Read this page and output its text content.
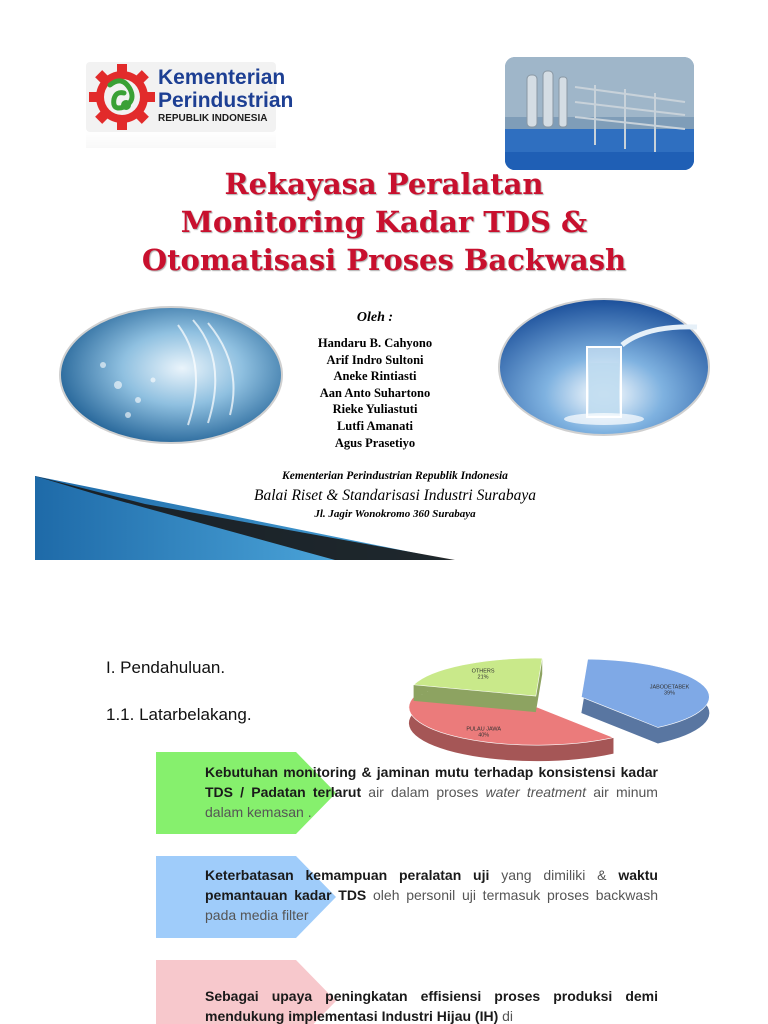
Kementerian
Perindustrian
REPUBLIK INDONESIA
Rekayasa Peralatan
Monitoring Kadar TDS &
Otomatisasi Proses Backwash
Oleh :
Handaru B. Cahyono
Arif Indro Sultoni
Aneke Rintiasti
Aan Anto Suhartono
Rieke Yuliastuti
Lutfi Amanati
Agus Prasetiyo
Kementerian Perindustrian Republik Indonesia
Balai Riset & Standarisasi Industri Surabaya
Jl. Jagir Wonokromo 360 Surabaya
I. Pendahuluan.
1.1. Latarbelakang.
JABODETABEK
39%
PULAU JAWA
40%
OTHERS
21%
Kebutuhan monitoring & jaminan mutu terhadap konsistensi kadar TDS / Padatan terlarut air dalam proses water treatment air minum dalam kemasan .
Keterbatasan kemampuan peralatan uji yang dimiliki & waktu pemantauan kadar TDS oleh personil uji termasuk proses backwash pada media filter
Sebagai upaya peningkatan effisiensi proses produksi demi mendukung implementasi Industri Hijau (IH) di
